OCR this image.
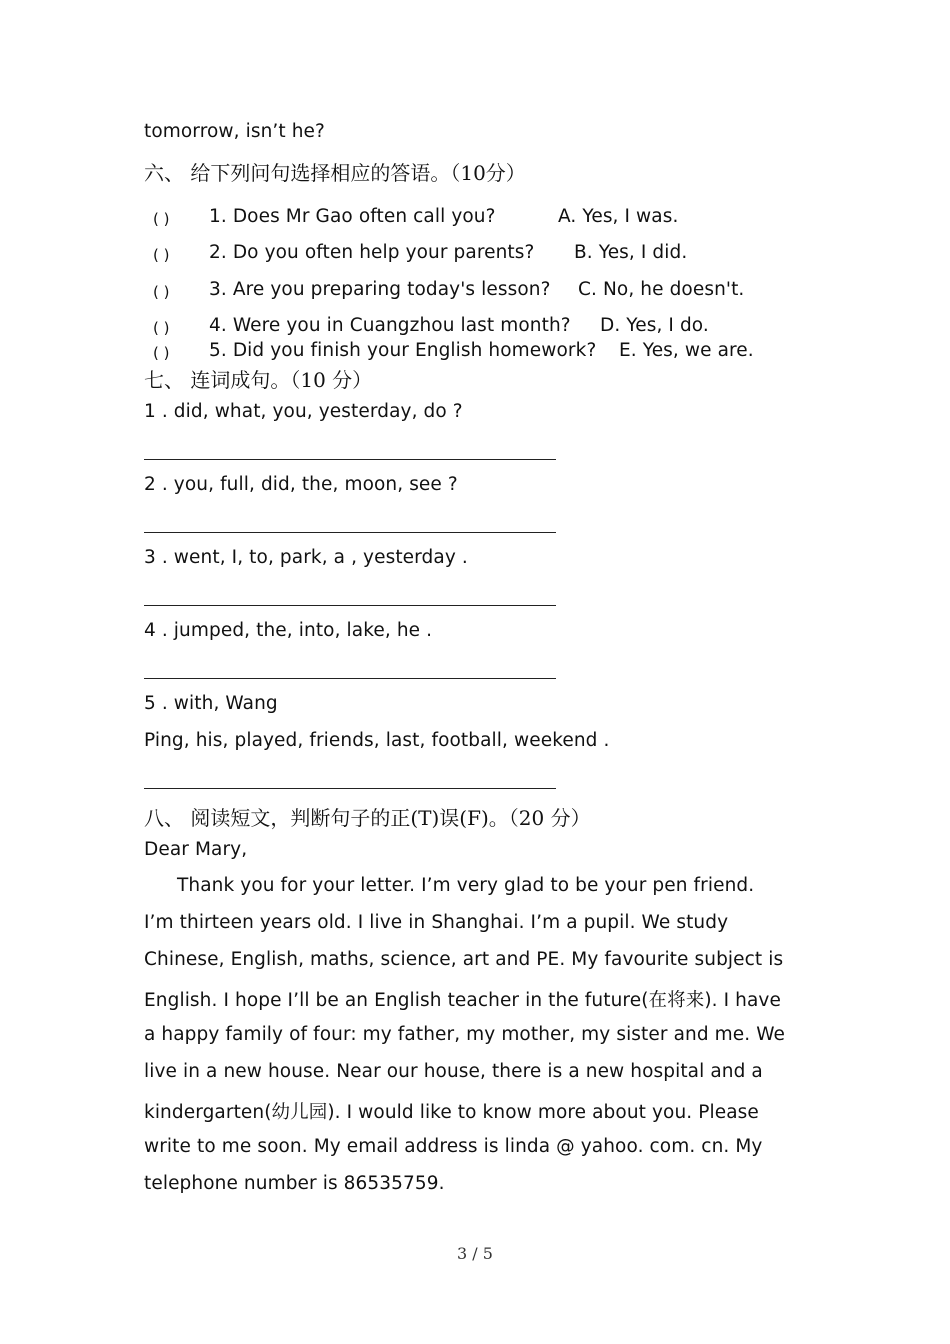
tomorrow, isn’t he?
六、 给下列问句选择相应的答语。（10分）
( ) 1. Does Mr Gao often call you?	A. Yes, I was.
( ) 2. Do you often help your parents? B. Yes, I did.
( ) 3. Are you preparing today's lesson? C. No, he doesn't.
( ) 4. Were you in Cuangzhou last month? D. Yes, I do.
( ) 5. Did you finish your English homework? E. Yes, we are.
七、 连词成句。（10 分）
1 . did, what, you, yesterday, do ?
2 . you, full, did, the, moon, see ?
3 . went, I, to, park, a , yesterday .
4 . jumped, the, into, lake, he .
5 . with, Wang
Ping, his, played, friends, last, football, weekend .
八、 阅读短文，判断句子的正(T)误(F)。（20 分）
Dear Mary,
Thank you for your letter. I’m very glad to be your pen friend.
I’m thirteen years old. I live in Shanghai. I’m a pupil. We study
Chinese, English, maths, science, art and PE. My favourite subject is
English. I hope I’ll be an English teacher in the future(在将来). I have
a happy family of four: my father, my mother, my sister and me. We
live in a new house. Near our house, there is a new hospital and a
kindergarten(幼儿园). I would like to know more about you. Please
write to me soon. My email address is linda @ yahoo. com. cn. My
telephone number is 86535759.
3 / 5
